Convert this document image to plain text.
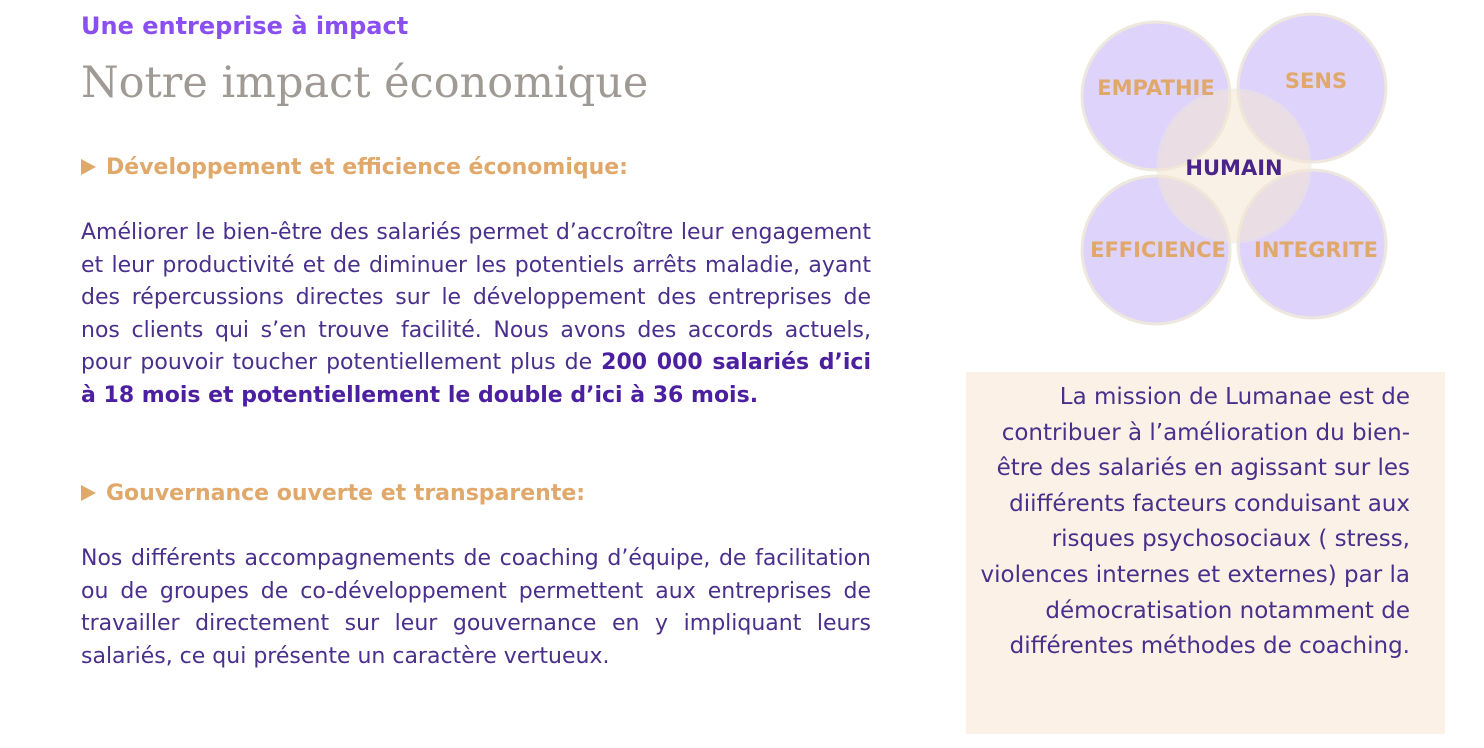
Une entreprise à impact
Notre impact économique
Développement et efficience économique:

Améliorer le bien-être des salariés permet d’accroître leur engagement et leur productivité et de diminuer les potentiels arrêts maladie, ayant des répercussions directes sur le développement des entreprises de nos clients qui s’en trouve facilité. Nous avons des accords actuels, pour pouvoir toucher potentiellement plus de 200 000 salariés d’ici à 18 mois et potentiellement le double d’ici à 36 mois.

Gouvernance ouverte et transparente:

Nos différents accompagnements de coaching d’équipe, de facilitation ou de groupes de co-développement permettent aux entreprises de travailler directement sur leur gouvernance en y impliquant leurs salariés, ce qui présente un caractère vertueux.

EMPATHIE	SENS
HUMAIN
EFFICIENCE INTEGRITE

La mission de Lumanae est de contribuer à l’amélioration du bien-être des salariés en agissant sur les diifférents facteurs conduisant aux risques psychosociaux ( stress, violences internes et externes) par la démocratisation notamment de différentes méthodes de coaching.
